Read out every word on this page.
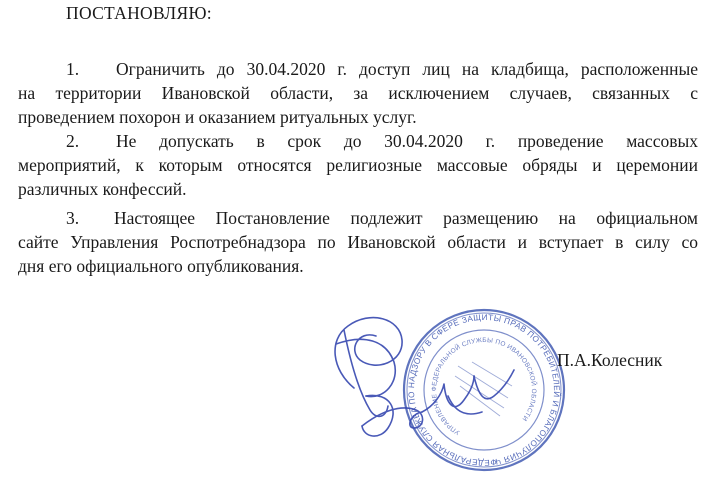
ПОСТАНОВЛЯЮ:
1. Ограничить до 30.04.2020 г. доступ лиц на кладбища, расположенные
на территории Ивановской области, за исключением случаев, связанных с
проведением похорон и оказанием ритуальных услуг.
2. Не допускать в срок до 30.04.2020 г. проведение массовых
мероприятий, к которым относятся религиозные массовые обряды и церемонии
различных конфессий.
3. Настоящее Постановление подлежит размещению на официальном
сайте Управления Роспотребнадзора по Ивановской области и вступает в силу со
дня его официального опубликования.
ФЕДЕРАЛЬНАЯ СЛУЖБА ПО НАДЗОРУ В СФЕРЕ ЗАЩИТЫ ПРАВ ПОТРЕБИТЕЛЕЙ И БЛАГОПОЛУЧИЯ ЧЕЛОВЕКА
УПРАВЛЕНИЕ ФЕДЕРАЛЬНОЙ СЛУЖБЫ ПО ИВАНОВСКОЙ ОБЛАСТИ
П.А.Колесник
